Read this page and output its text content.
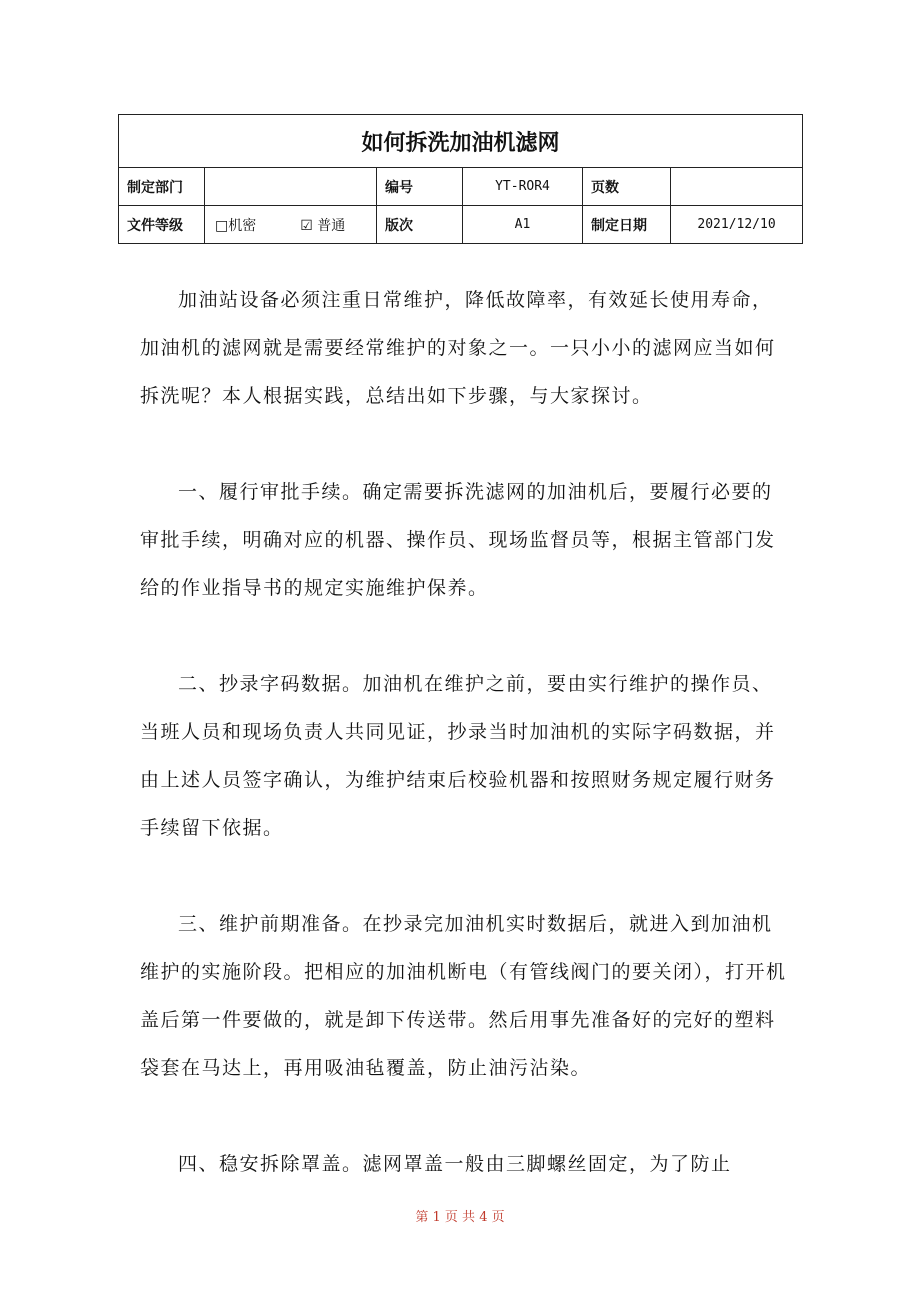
如何拆洗加油机滤网					
制定部门		编号	YT-ROR4	页数	
文件等级	□机密 ☑ 普通	版次	A1	制定日期	2021/12/10

加油站设备必须注重日常维护，降低故障率，有效延长使用寿命，加油机的滤网就是需要经常维护的对象之一。一只小小的滤网应当如何拆洗呢？本人根据实践，总结出如下步骤，与大家探讨。

一、履行审批手续。确定需要拆洗滤网的加油机后，要履行必要的审批手续，明确对应的机器、操作员、现场监督员等，根据主管部门发给的作业指导书的规定实施维护保养。

二、抄录字码数据。加油机在维护之前，要由实行维护的操作员、当班人员和现场负责人共同见证，抄录当时加油机的实际字码数据，并由上述人员签字确认，为维护结束后校验机器和按照财务规定履行财务手续留下依据。

三、维护前期准备。在抄录完加油机实时数据后，就进入到加油机维护的实施阶段。把相应的加油机断电（有管线阀门的要关闭），打开机盖后第一件要做的，就是卸下传送带。然后用事先准备好的完好的塑料袋套在马达上，再用吸油毡覆盖，防止油污沾染。

四、稳安拆除罩盖。滤网罩盖一般由三脚螺丝固定，为了防止

第 1 页 共 4 页
